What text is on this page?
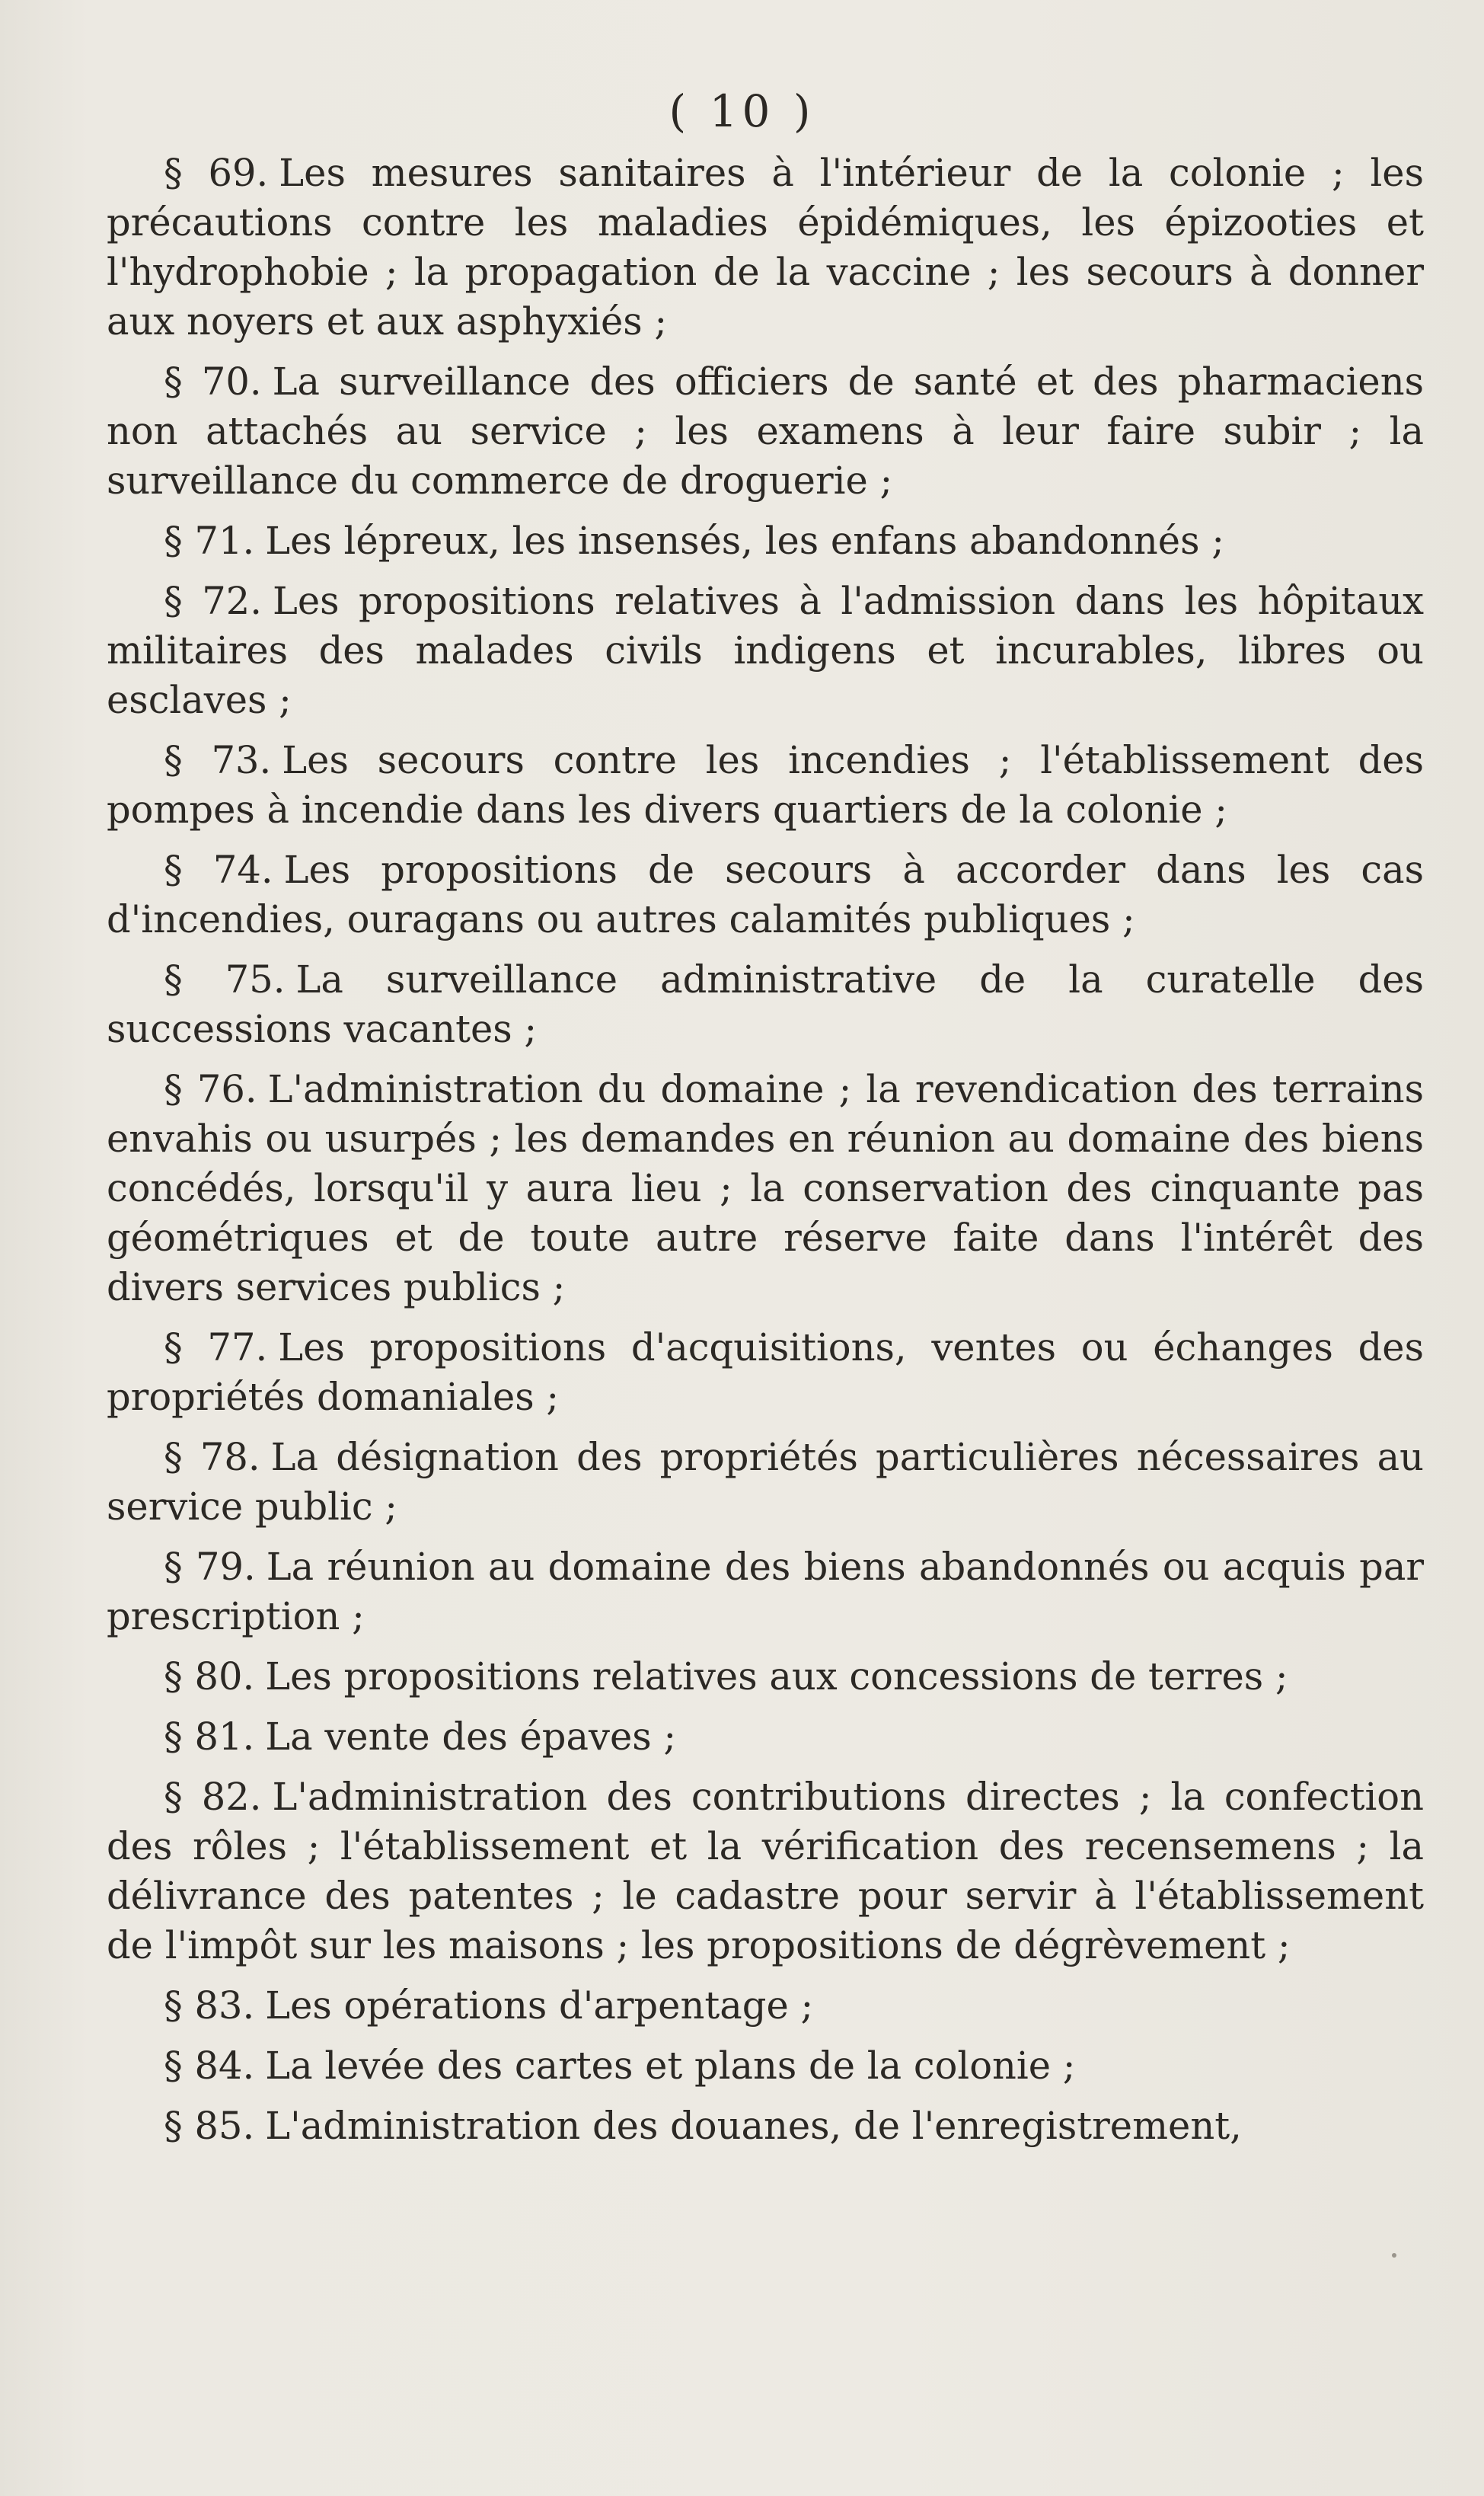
( 10 )

§ 69. Les mesures sanitaires à l'intérieur de la colonie ; les précautions contre les maladies épidémiques, les épizooties et l'hydrophobie ; la propagation de la vaccine ; les secours à donner aux noyers et aux asphyxiés ;

§ 70. La surveillance des officiers de santé et des pharmaciens non attachés au service ; les examens à leur faire subir ; la surveillance du commerce de droguerie ;

§ 71. Les lépreux, les insensés, les enfans abandonnés ;

§ 72. Les propositions relatives à l'admission dans les hôpitaux militaires des malades civils indigens et incurables, libres ou esclaves ;

§ 73. Les secours contre les incendies ; l'établissement des pompes à incendie dans les divers quartiers de la colonie ;

§ 74. Les propositions de secours à accorder dans les cas d'incendies, ouragans ou autres calamités publiques ;

§ 75. La surveillance administrative de la curatelle des successions vacantes ;

§ 76. L'administration du domaine ; la revendication des terrains envahis ou usurpés ; les demandes en réunion au domaine des biens concédés, lorsqu'il y aura lieu ; la conservation des cinquante pas géométriques et de toute autre réserve faite dans l'intérêt des divers services publics ;

§ 77. Les propositions d'acquisitions, ventes ou échanges des propriétés domaniales ;

§ 78. La désignation des propriétés particulières nécessaires au service public ;

§ 79. La réunion au domaine des biens abandonnés ou acquis par prescription ;

§ 80. Les propositions relatives aux concessions de terres ;

§ 81. La vente des épaves ;

§ 82. L'administration des contributions directes ; la confection des rôles ; l'établissement et la vérification des recensemens ; la délivrance des patentes ; le cadastre pour servir à l'établissement de l'impôt sur les maisons ; les propositions de dégrèvement ;

§ 83. Les opérations d'arpentage ;

§ 84. La levée des cartes et plans de la colonie ;

§ 85. L'administration des douanes, de l'enregistrement,
